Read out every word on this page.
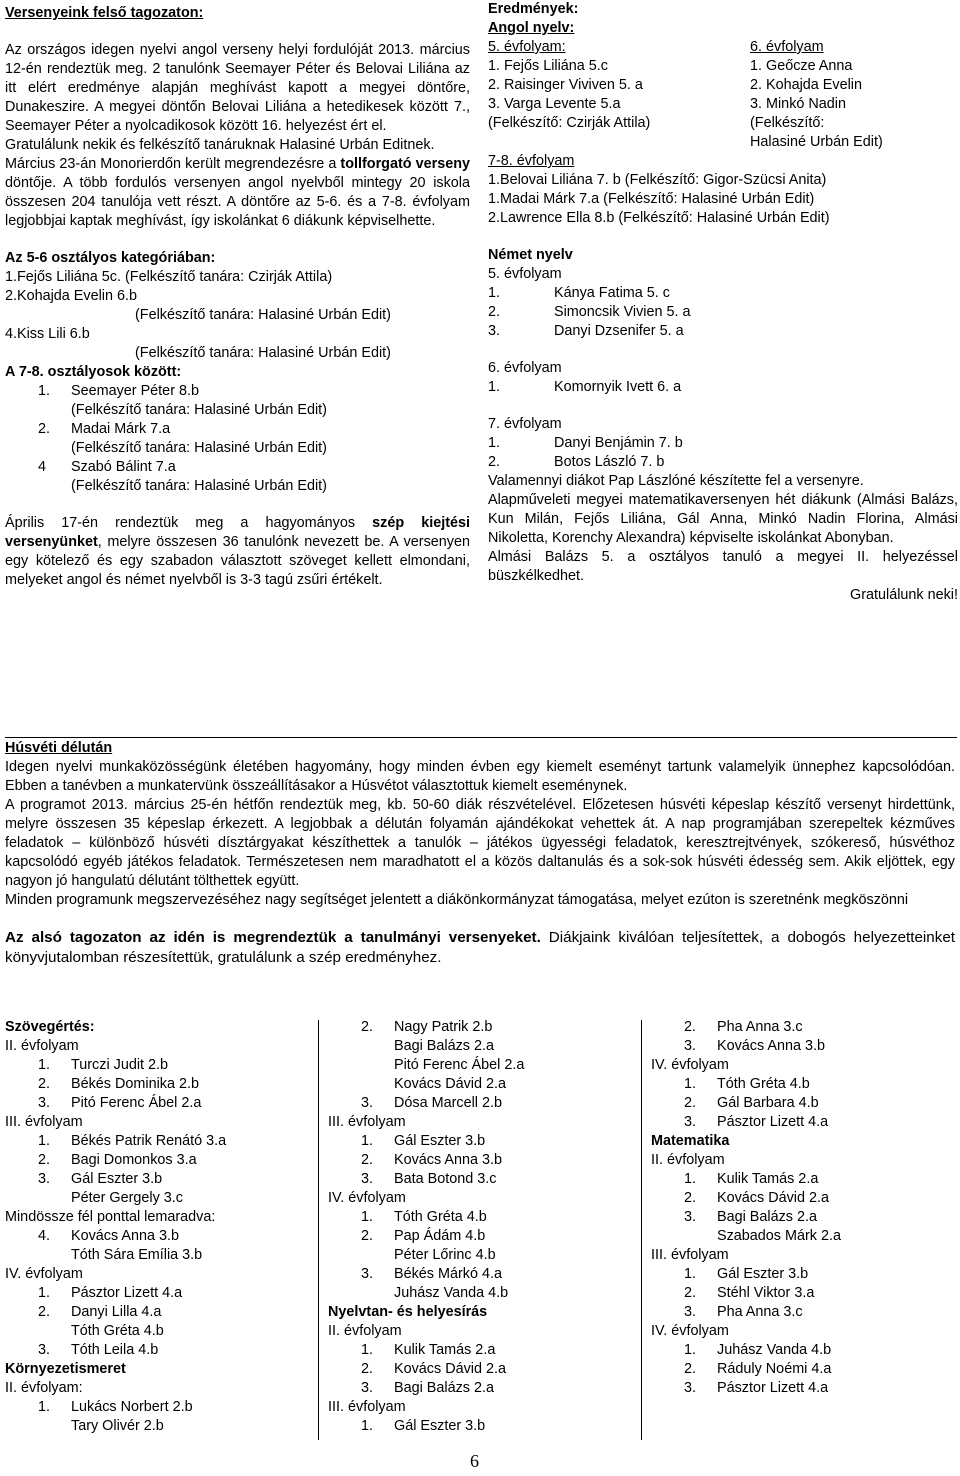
Versenyeink felső tagozaton:

Az országos idegen nyelvi angol verseny helyi fordulóját 2013. március 12-én rendeztük meg. 2 tanulónk Seemayer Péter és Belovai Liliána az itt elért eredménye alapján meghívást kapott a megyei döntőre, Dunakeszire. A megyei döntőn Belovai Liliána a hetedikesek között 7., Seemayer Péter a nyolcadikosok között 16. helyezést ért el.

Gratulálunk nekik és felkészítő tanáruknak Halasiné Urbán Editnek.

Március 23-án Monorierdőn került megrendezésre a tollforgató verseny döntője. A több fordulós versenyen angol nyelvből mintegy 20 iskola összesen 204 tanulója vett részt. A döntőre az 5-6. és a 7-8. évfolyam legjobbjai kaptak meghívást, így iskolánkat 6 diákunk képviselhette.

Az 5-6 osztályos kategóriában:

1.Fejős Liliána 5c. (Felkészítő tanára: Czirják Attila)

2.Kohajda Evelin 6.b

(Felkészítő tanára: Halasiné Urbán Edit)

4.Kiss Lili 6.b

(Felkészítő tanára: Halasiné Urbán Edit)

A 7-8. osztályosok között:

1.	Seemayer Péter 8.b
(Felkészítő tanára: Halasiné Urbán Edit)
2.	Madai Márk 7.a
(Felkészítő tanára: Halasiné Urbán Edit)
4	Szabó Bálint 7.a
(Felkészítő tanára: Halasiné Urbán Edit)

Április 17-én rendeztük meg a hagyományos szép kiejtési versenyünket, melyre összesen 36 tanulónk nevezett be. A versenyen egy kötelező és egy szabadon választott szöveget kellett elmondani, melyeket angol és német nyelvből is 3-3 tagú zsűri értékelt.

Eredmények:

Angol nyelv:

5. évfolyam:	6. évfolyam
1. Fejős Liliána 5.c	1. Geőcze Anna
2. Raisinger Viviven 5. a	2. Kohajda Evelin
3. Varga Levente 5.a	3. Minkó Nadin
(Felkészítő: Czirják Attila)	(Felkészítő:
Halasiné Urbán Edit)

7-8. évfolyam

1.Belovai Liliána 7. b (Felkészítő: Gigor-Szücsi Anita)

1.Madai Márk 7.a (Felkészítő: Halasiné Urbán Edit)

2.Lawrence Ella 8.b (Felkészítő: Halasiné Urbán Edit)

Német nyelv

5. évfolyam

1.	Kánya Fatima 5. c
2.	Simoncsik Vivien 5. a
3.	Danyi Dzsenifer 5. a

6. évfolyam

1.	Komornyik Ivett 6. a

7. évfolyam

1.	Danyi Benjámin 7. b
2.	Botos László 7. b

Valamennyi diákot Pap Lászlóné készítette fel a versenyre.

Alapműveleti megyei matematikaversenyen hét diákunk (Almási Balázs, Kun Milán, Fejős Liliána, Gál Anna, Minkó Nadin Florina, Almási Nikoletta, Korenchy Alexandra) képviselte iskolánkat Abonyban.

Almási Balázs 5. a osztályos tanuló a megyei II. helyezéssel büszkélkedhet.

Gratulálunk neki!

Húsvéti délután

Idegen nyelvi munkaközösségünk életében hagyomány, hogy minden évben egy kiemelt eseményt tartunk valamelyik ünnephez kapcsolódóan. Ebben a tanévben a munkatervünk összeállításakor a Húsvétot választottuk kiemelt eseménynek.

A programot 2013. március 25-én hétfőn rendeztük meg, kb. 50-60 diák részvételével. Előzetesen húsvéti képeslap készítő versenyt hirdettünk, melyre összesen 35 képeslap érkezett. A legjobbak a délután folyamán ajándékokat vehettek át. A nap programjában szerepeltek kézműves feladatok – különböző húsvéti dísztárgyakat készíthettek a tanulók – játékos ügyességi feladatok, keresztrejtvények, szókereső, húsvéthoz kapcsolódó egyéb játékos feladatok. Természetesen nem maradhatott el a közös daltanulás és a sok-sok húsvéti édesség sem. Akik eljöttek, egy nagyon jó hangulatú délutánt tölthettek együtt.

Minden programunk megszervezéséhez nagy segítséget jelentett a diákönkormányzat támogatása, melyet ezúton is szeretnénk megköszönni

Az alsó tagozaton az idén is megrendeztük a tanulmányi versenyeket. Diákjaink kiválóan teljesítettek, a dobogós helyezetteinket könyvjutalomban részesítettük, gratulálunk a szép eredményhez.

Szövegértés:
II. évfolyam
1.	Turczi Judit 2.b
2.	Békés Dominika 2.b
3.	Pitó Ferenc Ábel 2.a
III. évfolyam
1.	Békés Patrik Renátó 3.a
2.	Bagi Domonkos 3.a
3.	Gál Eszter 3.b
Péter Gergely 3.c
Mindössze fél ponttal lemaradva:
4.	Kovács Anna 3.b
Tóth Sára Emília 3.b
IV. évfolyam
1.	Pásztor Lizett 4.a
2.	Danyi Lilla 4.a
Tóth Gréta 4.b
3.	Tóth Leila 4.b
Környezetismeret
II. évfolyam:
1.	Lukács Norbert 2.b
Tary Olivér 2.b
2.	Nagy Patrik 2.b
Bagi Balázs 2.a
Pitó Ferenc Ábel 2.a
Kovács Dávid 2.a
3.	Dósa Marcell 2.b
III. évfolyam
1.	Gál Eszter 3.b
2.	Kovács Anna 3.b
3.	Bata Botond 3.c
IV. évfolyam
1.	Tóth Gréta 4.b
2.	Pap Ádám 4.b
Péter Lőrinc 4.b
3.	Békés Márkó 4.a
Juhász Vanda 4.b
Nyelvtan- és helyesírás
II. évfolyam
1.	Kulik Tamás 2.a
2.	Kovács Dávid 2.a
3.	Bagi Balázs 2.a
III. évfolyam
1.	Gál Eszter 3.b
2.	Pha Anna 3.c
3.	Kovács Anna 3.b
IV. évfolyam
1.	Tóth Gréta 4.b
2.	Gál Barbara 4.b
3.	Pásztor Lizett 4.a
Matematika
II. évfolyam
1.	Kulik Tamás 2.a
2.	Kovács Dávid 2.a
3.	Bagi Balázs 2.a
Szabados Márk 2.a
III. évfolyam
1.	Gál Eszter 3.b
2.	Stéhl Viktor 3.a
3.	Pha Anna 3.c
IV. évfolyam
1.	Juhász Vanda 4.b
2.	Ráduly Noémi 4.a
3.	Pásztor Lizett 4.a
6
